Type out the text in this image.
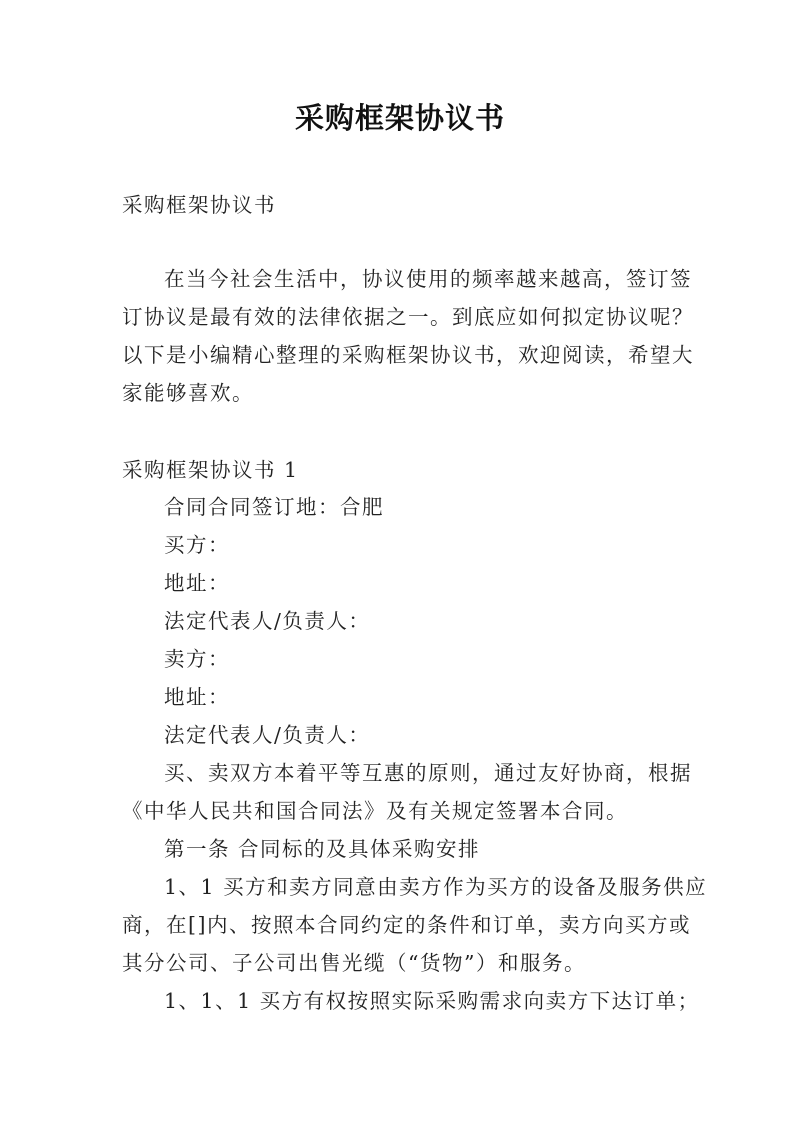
采购框架协议书

采购框架协议书

在当今社会生活中，协议使用的频率越来越高，签订签

订协议是最有效的法律依据之一。到底应如何拟定协议呢？

以下是小编精心整理的采购框架协议书，欢迎阅读，希望大

家能够喜欢。

采购框架协议书 1

合同合同签订地：合肥

买方：

地址：

法定代表人/负责人：

卖方：

地址：

法定代表人/负责人：

买、卖双方本着平等互惠的原则，通过友好协商，根据

《中华人民共和国合同法》及有关规定签署本合同。

第一条 合同标的及具体采购安排

1、1 买方和卖方同意由卖方作为买方的设备及服务供应

商，在[]内、按照本合同约定的条件和订单，卖方向买方或

其分公司、子公司出售光缆（“货物”）和服务。

1、1、1 买方有权按照实际采购需求向卖方下达订单；
